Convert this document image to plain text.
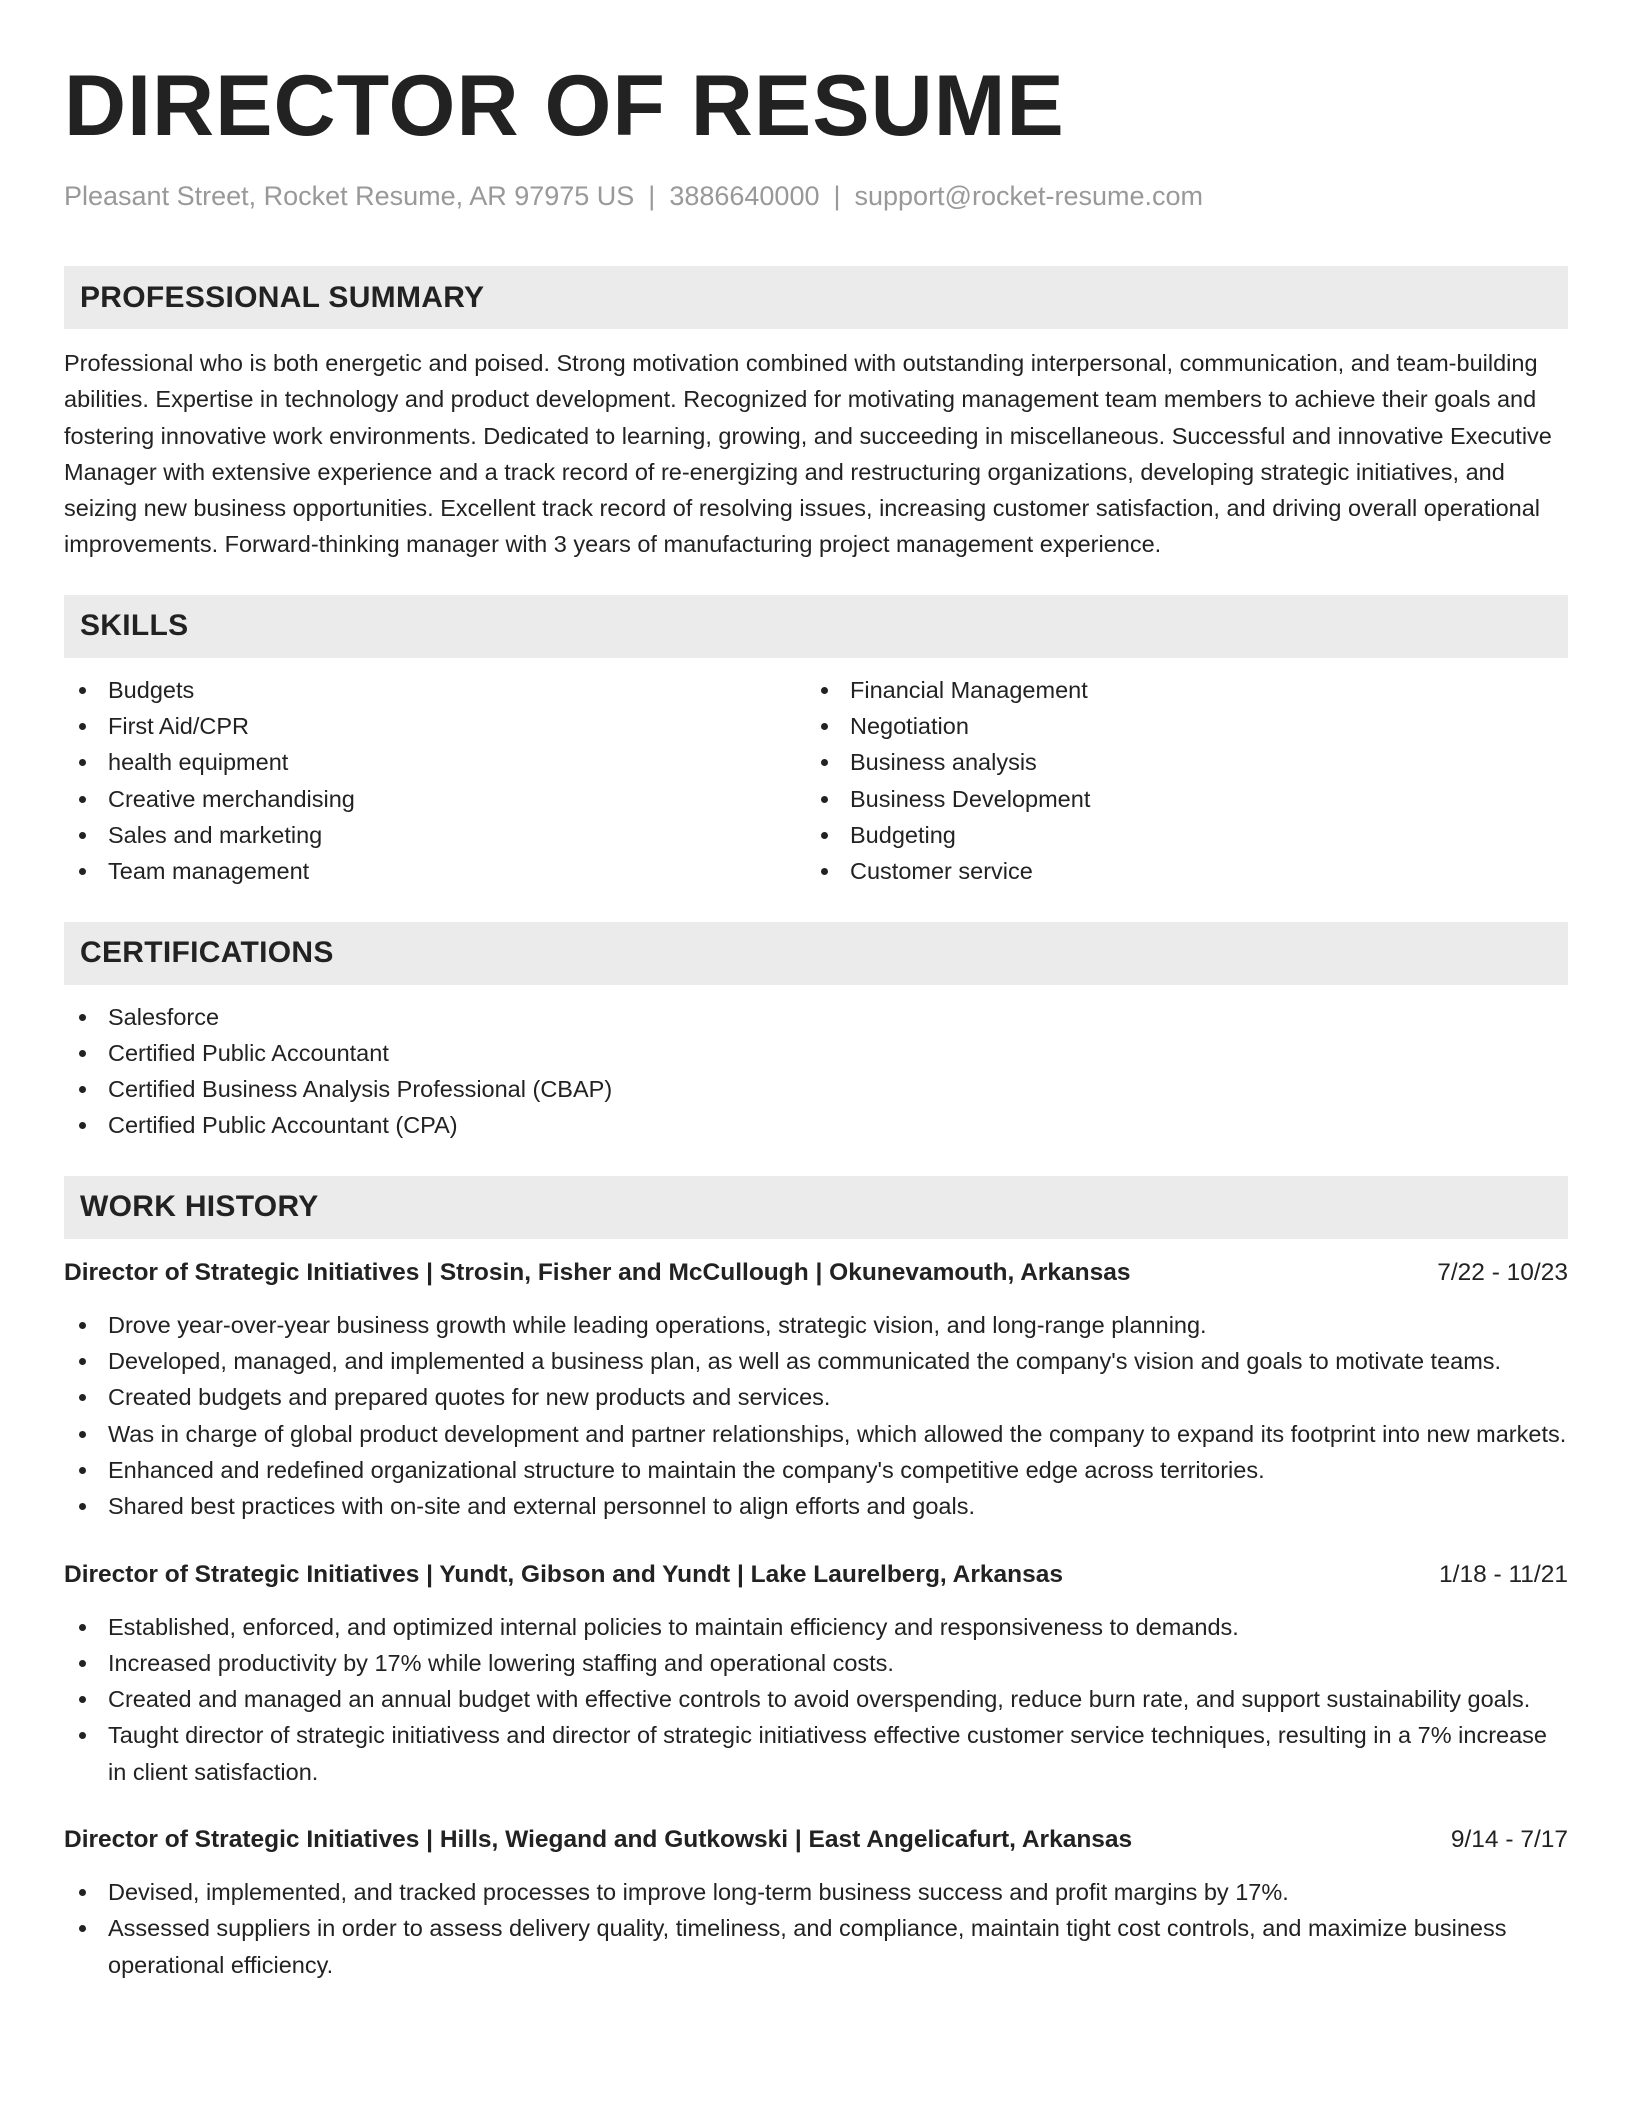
DIRECTOR OF RESUME
Pleasant Street, Rocket Resume, AR 97975 US | 3886640000 | support@rocket-resume.com
PROFESSIONAL SUMMARY

Professional who is both energetic and poised. Strong motivation combined with outstanding interpersonal, communication, and team-building abilities. Expertise in technology and product development. Recognized for motivating management team members to achieve their goals and fostering innovative work environments. Dedicated to learning, growing, and succeeding in miscellaneous. Successful and innovative Executive Manager with extensive experience and a track record of re-energizing and restructuring organizations, developing strategic initiatives, and seizing new business opportunities. Excellent track record of resolving issues, increasing customer satisfaction, and driving overall operational improvements. Forward-thinking manager with 3 years of manufacturing project management experience.

SKILLS
Budgets
First Aid/CPR
health equipment
Creative merchandising
Sales and marketing
Team management
Financial Management
Negotiation
Business analysis
Business Development
Budgeting
Customer service
CERTIFICATIONS
Salesforce
Certified Public Accountant
Certified Business Analysis Professional (CBAP)
Certified Public Accountant (CPA)
WORK HISTORY
Director of Strategic Initiatives | Strosin, Fisher and McCullough | Okunevamouth, Arkansas	7/22 - 10/23
Drove year-over-year business growth while leading operations, strategic vision, and long-range planning.
Developed, managed, and implemented a business plan, as well as communicated the company's vision and goals to motivate teams.
Created budgets and prepared quotes for new products and services.
Was in charge of global product development and partner relationships, which allowed the company to expand its footprint into new markets.
Enhanced and redefined organizational structure to maintain the company's competitive edge across territories.
Shared best practices with on-site and external personnel to align efforts and goals.
Director of Strategic Initiatives | Yundt, Gibson and Yundt | Lake Laurelberg, Arkansas	1/18 - 11/21
Established, enforced, and optimized internal policies to maintain efficiency and responsiveness to demands.
Increased productivity by 17% while lowering staffing and operational costs.
Created and managed an annual budget with effective controls to avoid overspending, reduce burn rate, and support sustainability goals.
Taught director of strategic initiativess and director of strategic initiativess effective customer service techniques, resulting in a 7% increase in client satisfaction.
Director of Strategic Initiatives | Hills, Wiegand and Gutkowski | East Angelicafurt, Arkansas	9/14 - 7/17
Devised, implemented, and tracked processes to improve long-term business success and profit margins by 17%.
Assessed suppliers in order to assess delivery quality, timeliness, and compliance, maintain tight cost controls, and maximize business operational efficiency.
